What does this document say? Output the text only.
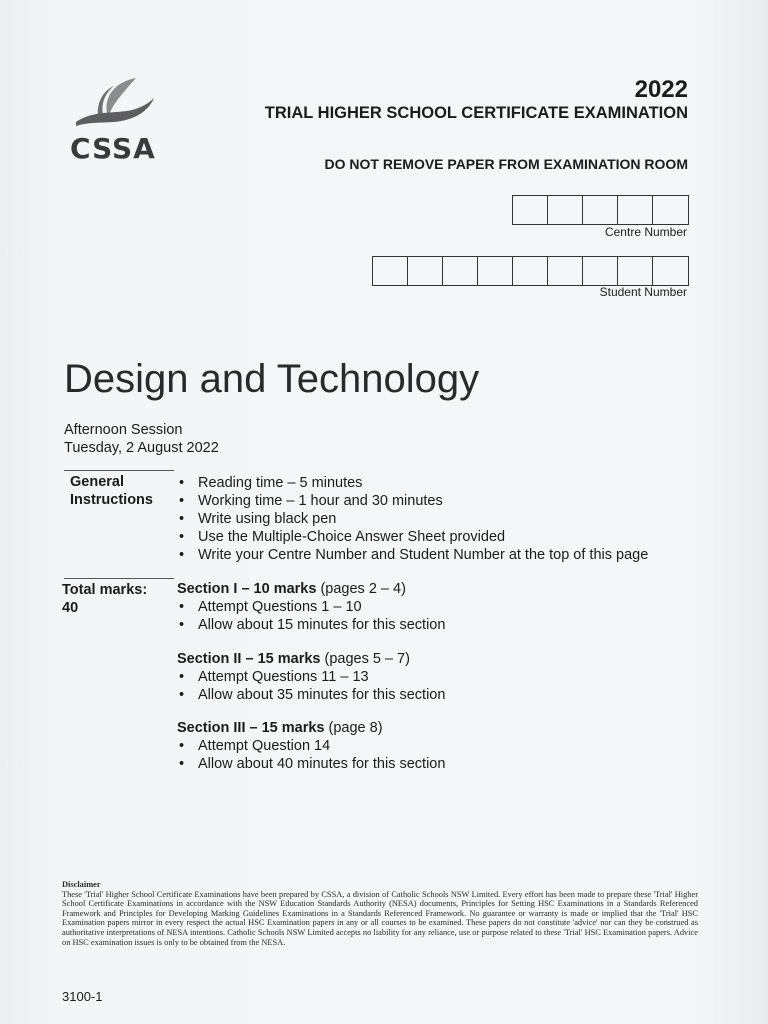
CSSA
2022
TRIAL HIGHER SCHOOL CERTIFICATE EXAMINATION
DO NOT REMOVE PAPER FROM EXAMINATION ROOM
Centre Number
Student Number
Design and Technology
Afternoon Session
Tuesday, 2 August 2022
General
Instructions
• Reading time – 5 minutes
• Working time – 1 hour and 30 minutes
• Write using black pen
• Use the Multiple-Choice Answer Sheet provided
• Write your Centre Number and Student Number at the top of this page
Total marks:
40
Section I – 10 marks (pages 2 – 4)
• Attempt Questions 1 – 10
• Allow about 15 minutes for this section
Section II – 15 marks (pages 5 – 7)
• Attempt Questions 11 – 13
• Allow about 35 minutes for this section
Section III – 15 marks (page 8)
• Attempt Question 14
• Allow about 40 minutes for this section
Disclaimer
These 'Trial' Higher School Certificate Examinations have been prepared by CSSA, a division of Catholic Schools NSW Limited. Every effort has been made to prepare these 'Trial' Higher School Certificate Examinations in accordance with the NSW Education Standards Authority (NESA) documents, Principles for Setting HSC Examinations in a Standards Referenced Framework and Principles for Developing Marking Guidelines Examinations in a Standards Referenced Framework. No guarantee or warranty is made or implied that the 'Trial' HSC Examination papers mirror in every respect the actual HSC Examination papers in any or all courses to be examined. These papers do not constitute 'advice' nor can they be construed as authoritative interpretations of NESA intentions. Catholic Schools NSW Limited accepts no liability for any reliance, use or purpose related to these 'Trial' HSC Examination papers. Advice on HSC examination issues is only to be obtained from the NESA.
3100-1
